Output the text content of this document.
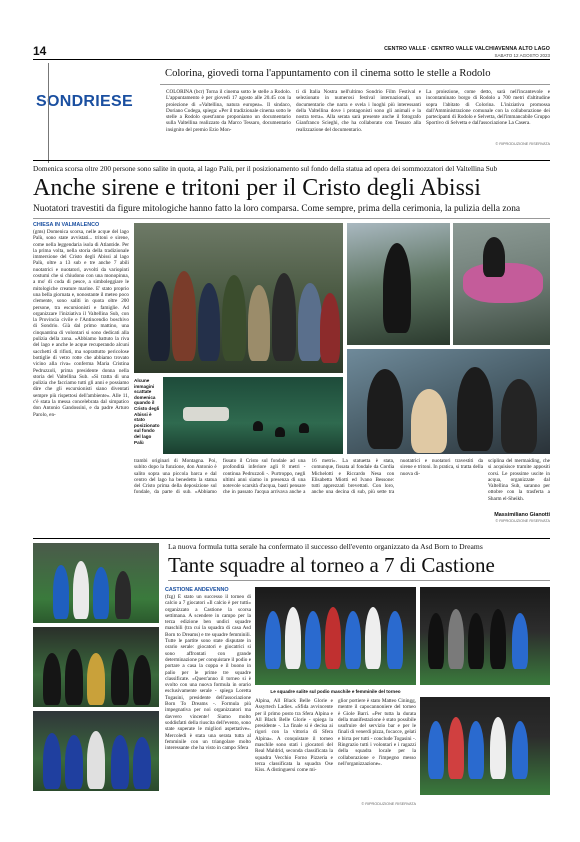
14	CENTRO VALLE · CENTRO VALLE VALCHIAVENNA ALTO LAGO
SABATO 12 AGOSTO 2023
SONDRIESE
Colorina, giovedì torna l'appuntamento con il cinema sotto le stelle a Rodolo
COLORINA (bcr) Torna il cinema sotto le stelle a Rodolo. L'appuntamento è per giovedì 17 agosto alle 20.45 con la proiezione di «Valtellina, natura europea». Il sindaco, Doriano Codega, spiega: «Per il tradizionale cinema sotto le stelle a Rodolo quest'anno proponiamo un documentario sulla Valtellina realizzato da Marco Tessaro, documentario insignito del premio Ezio Mon-
ti di Italia Nostra nell'ultimo Sondrio Film Festival e selezionato in numerosi festival internazionali, un documentario che narra e svela i luoghi più interessanti della Valtellina dove i protagonisti sono gli animali e la nostra terra». Alla serata sarà presente anche il fotografo Gianfranco Scieghi, che ha collaborato con Tessaro alla realizzazione del documentario.
La proiezione, come detto, sarà nell'incantevole e incontaminato borgo di Rodolo a 700 metri d'altitudine sopra l'abitato di Colorina. L'iniziativa promossa dall'Amministrazione comunale con la collaborazione dei partecipanti di Rodolo e Selvetta, dell'immancabile Gruppo Sportivo di Selvetta e dall'associazione La Casera.
© RIPRODUZIONE RISERVATA
Domenica scorsa oltre 200 persone sono salite in quota, al lago Palù, per il posizionamento sul fondo della statua ad opera dei sommozzatori del Valtellina Sub
Anche sirene e tritoni per il Cristo degli Abissi
Nuotatori travestiti da figure mitologiche hanno fatto la loro comparsa. Come sempre, prima della cerimonia, la pulizia della zona
CHIESA IN VALMALENCO
(gms) Domenica scorsa, nelle acque del lago Palù, sono state avvistati... tritoni e sirene, come nella leggendaria isola di Atlantide. Per la prima volta, nella storia della tradizionale immersione del Cristo degli Abissi al lago Palù, oltre a 13 sub e tre anche 7 abili nuotatrici e nuotatori, avvolti da variopinti costumi che si chiudono con una monopinna, a mo' di coda di pesce, a simboleggiare le mitologiche creature marine. E' stato proprio una bella giornata e, nonostante il meteo poco clemente, sono saliti in quota oltre 200 persone, tra escursionisti e famiglie. Ad organizzare l'iniziativa il Valtellina Sub, con la Provincia civile e l'Antincendio boschivo di Sondrio. Già dal primo mattino, una cinquantina di volontari si sono dedicati alla pulizia della zona. «Abbiamo battuto la riva del lago e anche le acque recuperando alcuni sacchetti di rifiuti, ma soprattutto pericolose bottiglie di vetro rotte che abbiamo trovato vicino alla riva» conferma Maria Cristina Pedruzzoli, prima presidente donna nella storia del Valtellina Sub. «Si tratta di una pulizia che facciamo tutti gli anni e possiamo dire che gli escursionisti siano diventati sempre più rispettosi dell'ambiente». Alle 11, c'è stata la messa concelebrata dal simpatico don Antonio Gandossini, e da padre Arturo Parolo, en-
Alcune immagini scattate domenica quando il Cristo degli Abissi è stato posizionato sul fondo del lago Palù
trambi originari di Montagna. Poi, subito dopo la funzione, don Antonio è salito sopra una piccola barca e dal centro del lago ha benedetto la statua del Cristo prima della deposizione sul fondale, da parte di sub. «Abbiamo fissato il Cristo sul fondale ad una profondità inferiore agli 8 metri - continua Pedruzzoli -. Purtroppo, negli ultimi anni siamo in presenza di una notevole scarsità d'acqua, basti pensare che in passato l'acqua arrivava anche a 16 metri». La statuetta è stata, comunque, fissata al fondale da Cordia Michelotti e Riccardo Nesa con Elisabetta Miotti ed Ivano Bessone: tutti apprezzati brevettati. Con loro, anche una decina di sub, più sette tra nuotatrici e nuotatori travestiti da sirene e tritoni. In pratica, si tratta della nuova di-
sciplina del mermaiding, che si acquisisce tramite appositi corsi. Le prossime uscite in acqua, organizzate dal Valtellina Sub, saranno per ottobre con la trasferta a Sharm el-Sheikh.
Massimiliano Gianotti
© RIPRODUZIONE RISERVATA
La nuova formula tutta serale ha confermato il successo dell'evento organizzato da Asd Born to Dreams
Tante squadre al torneo a 7 di Castione
CASTIONE ANDEVENNO
(fzg) È stato un successo il torneo di calcio a 7 giocatori «Il calcio è per tutti» organizzato a Castione la scorsa settimana. A scendere in campo per la terza edizione ben undici squadre maschili (tra cui la squadra di casa Asd Born to Dreams) e tre squadre femminili. Tutte le partite sono state disputate in orario serale: giocatori e giocatrici si sono affrontati con grande determinazione per conquistare il podio e portare a casa la coppa e il buono in palio per le prime tre squadre classificate. «Quest'anno il torneo si è svolto con una nuova formula in orario esclusivamente serale - spiega Loretta Togasini, presidente dell'associazione Born To Dreams -. Formula più impegnativa per noi organizzatori ma davvero vincente! Siamo molto soddisfatti della riuscita dell'evento, sono state superate le migliori aspettative». Mercoledì è stata una serata tutta al femminile con un triangolare molto interessante che ha visto in campo Sfera
Le squadre salite sul podio maschile e femminile del torneo
Alpina, All Black Belle Glorie e Assyrtech Ladies. «Sfida avvincente per il primo posto tra Sfera Alpina e All Black Belle Glorie - spiega la presidente -. La finale si è decisa ai rigori con la vittoria di Sfera Alpina». A conquistare il torneo maschile sono stati i giocatori del Real Maldrid, seconda classificata la squadra Vecchio Forno Pizzeria e terza classificata la squadra Ose Kiss. A distinguersi come mi-
glior portiere è stato Matteo Ciningg, mentre il capocannoniere del torneo è Giole Barri. «Per tutta la durata della manifestazione è stato possibile usufruire del servizio bar e per le finali di venerdì pizza, focacce, gelati e birra per tutti - conclude Togasini -. Ringrazio tutti i volontari e i ragazzi della squadra locale per la collaborazione e l'impegno messo nell'organizzazione».
© RIPRODUZIONE RISERVATA
